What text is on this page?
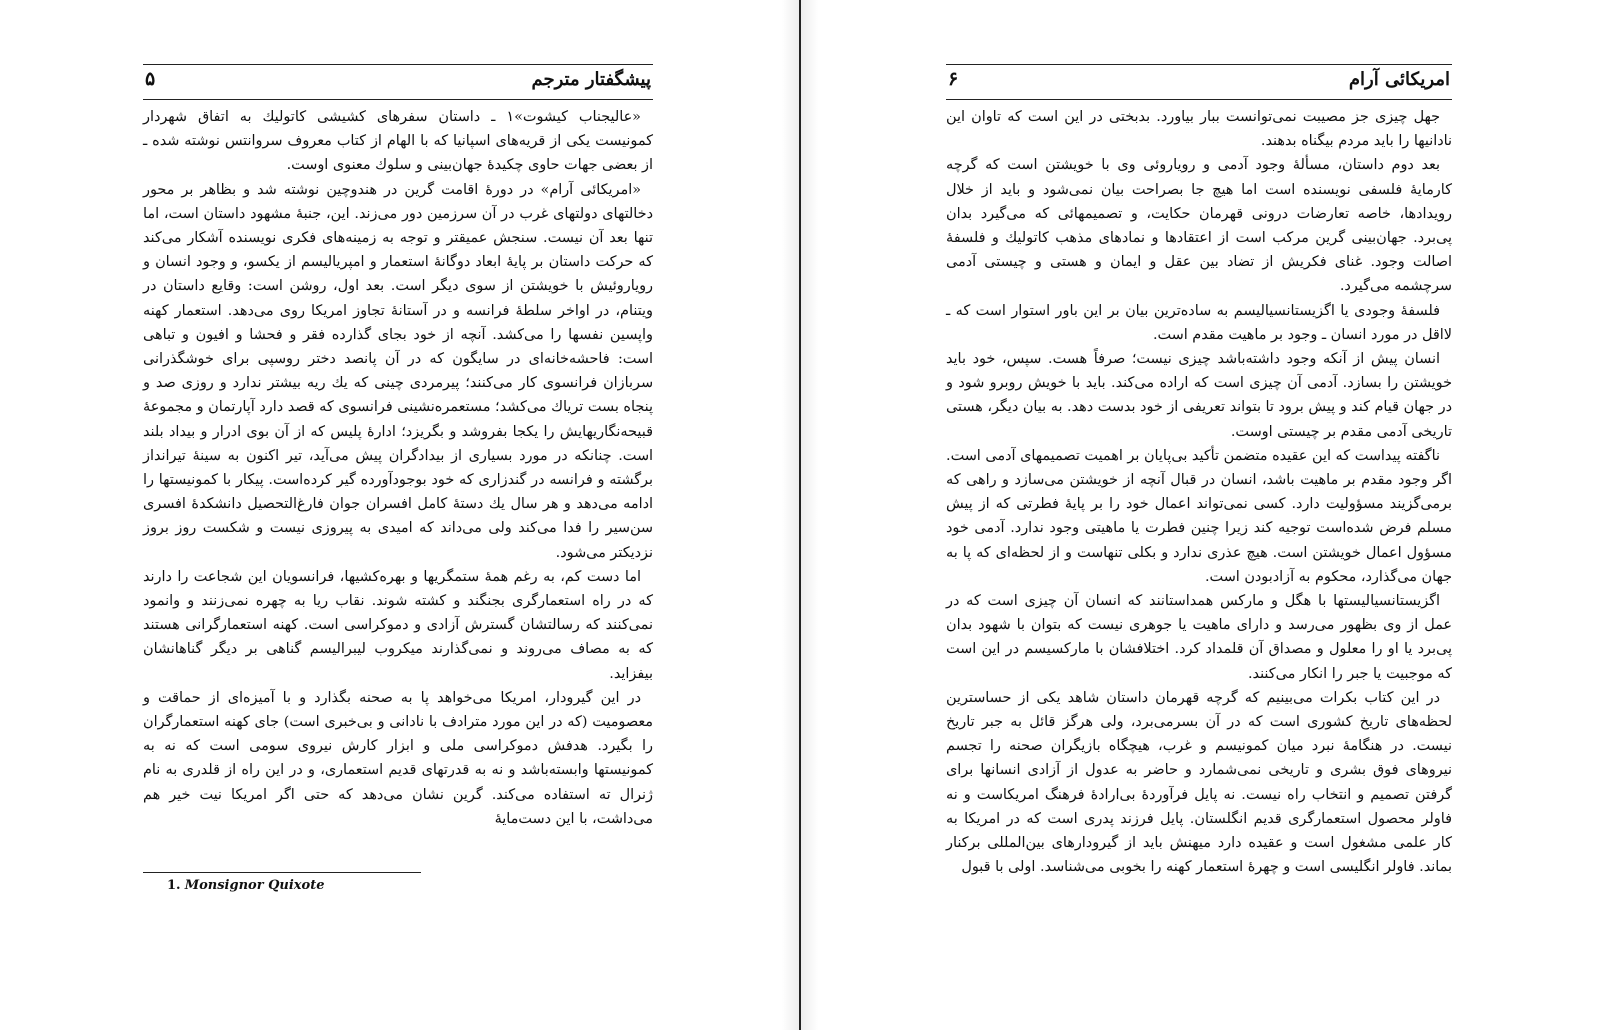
پیشگفتار مترجم
۵

«عالیجناب کیشوت»۱ ـ داستان سفرهای کشیشی کاتولیك به اتفاق شهردار کمونیست یکی از قریه‌های اسپانیا که با الهام از کتاب معروف سروانتس نوشته شده ـ از بعضی جهات حاوی چکیدهٔ جهان‌بینی و سلوك معنوی اوست.

«امریکائی آرام» در دورهٔ اقامت گرین در هندوچین نوشته شد و بظاهر بر محور دخالتهای دولتهای غرب در آن سرزمین دور می‌زند. این، جنبهٔ مشهود داستان است، اما تنها بعد آن نیست. سنجش عمیقتر و توجه به زمینه‌های فکری نویسنده آشکار می‌کند که حرکت داستان بر پایهٔ ابعاد دوگانهٔ استعمار و امپریالیسم از یکسو، و وجود انسان و رویاروئیش با خویشتن از سوی دیگر است. بعد اول، روشن است: وقایع داستان در ویتنام، در اواخر سلطهٔ فرانسه و در آستانهٔ تجاوز امریکا روی می‌دهد. استعمار کهنه واپسین نفسها را می‌کشد. آنچه از خود بجای گذارده فقر و فحشا و افیون و تباهی است: فاحشه‌خانه‌ای در سایگون که در آن پانصد دختر روسپی برای خوشگذرانی سربازان فرانسوی کار می‌کنند؛ پیرمردی چینی که یك ریه بیشتر ندارد و روزی صد و پنجاه بست تریاك می‌کشد؛ مستعمره‌نشینی فرانسوی که قصد دارد آپارتمان و مجموعهٔ قبیحه‌نگاریهایش را یکجا بفروشد و بگریزد؛ ادارهٔ پلیس که از آن بوی ادرار و بیداد بلند است. چنانکه در مورد بسیاری از بیدادگران پیش می‌آید، تیر اکنون به سینهٔ تیرانداز برگشته و فرانسه در گندزاری که خود بوجودآورده گیر کرده‌است. پیکار با کمونیستها را ادامه می‌دهد و هر سال یك دستهٔ کامل افسران جوان فارغ‌التحصیل دانشکدهٔ افسری سن‌سیر را فدا می‌کند ولی می‌داند که امیدی به پیروزی نیست و شکست روز بروز نزدیکتر می‌شود.

اما دست کم، به رغم همهٔ ستمگریها و بهره‌کشیها، فرانسویان این شجاعت را دارند که در راه استعمارگری بجنگند و کشته شوند. نقاب ریا به چهره نمی‌زنند و وانمود نمی‌کنند که رسالتشان گسترش آزادی و دموکراسی است. کهنه استعمارگرانی هستند که به مصاف می‌روند و نمی‌گذارند میکروب لیبرالیسم گناهی بر دیگر گناهانشان بیفزاید.

در این گیرودار، امریکا می‌خواهد پا به صحنه بگذارد و با آمیزه‌ای از حماقت و معصومیت (که در این مورد مترادف با نادانی و بی‌خبری است) جای کهنه استعمارگران را بگیرد. هدفش دموکراسی ملی و ابزار کارش نیروی سومی است که نه به کمونیستها وابسته‌باشد و نه به قدرتهای قدیم استعماری، و در این راه از قلدری به نام ژنرال ته استفاده می‌کند. گرین نشان می‌دهد که حتی اگر امریکا نیت خیر هم می‌داشت، با این دست‌مایهٔ

1. Monsignor Quixote
امریکائی آرام
۶

جهل چیزی جز مصیبت نمی‌توانست ببار بیاورد. بدبختی در این است که تاوان این نادانیها را باید مردم بیگناه بدهند.

بعد دوم داستان، مسألهٔ وجود آدمی و رویاروئی وی با خویشتن است که گرچه کارمایهٔ فلسفی نویسنده است اما هیچ جا بصراحت بیان نمی‌شود و باید از خلال رویدادها، خاصه تعارضات درونی قهرمان حکایت، و تصمیمهائی که می‌گیرد بدان پی‌برد. جهان‌بینی گرین مرکب است از اعتقادها و نمادهای مذهب کاتولیك و فلسفهٔ اصالت وجود. غنای فکریش از تضاد بین عقل و ایمان و هستی و چیستی آدمی سرچشمه می‌گیرد.

فلسفهٔ وجودی یا اگزیستانسیالیسم به ساده‌ترین بیان بر این باور استوار است که ـ لااقل در مورد انسان ـ وجود بر ماهیت مقدم است.

انسان پیش از آنکه وجود داشته‌باشد چیزی نیست؛ صرفاً هست. سپس، خود باید خویشتن را بسازد. آدمی آن چیزی است که اراده می‌کند. باید با خویش روبرو شود و در جهان قیام کند و پیش برود تا بتواند تعریفی از خود بدست دهد. به بیان دیگر، هستی تاریخی آدمی مقدم بر چیستی اوست.

ناگفته پیداست که این عقیده متضمن تأکید بی‌پایان بر اهمیت تصمیمهای آدمی است. اگر وجود مقدم بر ماهیت باشد، انسان در قبال آنچه از خویشتن می‌سازد و راهی که برمی‌گزیند مسؤولیت دارد. کسی نمی‌تواند اعمال خود را بر پایهٔ فطرتی که از پیش مسلم فرض شده‌است توجیه کند زیرا چنین فطرت یا ماهیتی وجود ندارد. آدمی خود مسؤول اعمال خویشتن است. هیچ عذری ندارد و بکلی تنهاست و از لحظه‌ای که پا به جهان می‌گذارد، محکوم به آزادبودن است.

اگزیستانسیالیستها با هگل و مارکس همداستانند که انسان آن چیزی است که در عمل از وی بظهور می‌رسد و دارای ماهیت یا جوهری نیست که بتوان با شهود بدان پی‌برد یا او را معلول و مصداق آن قلمداد کرد. اختلافشان با مارکسیسم در این است که موجبیت یا جبر را انکار می‌کنند.

در این کتاب بکرات می‌بینیم که گرچه قهرمان داستان شاهد یکی از حساسترین لحظه‌های تاریخ کشوری است که در آن بسرمی‌برد، ولی هرگز قائل به جبر تاریخ نیست. در هنگامهٔ نبرد میان کمونیسم و غرب، هیچگاه بازیگران صحنه را تجسم نیروهای فوق بشری و تاریخی نمی‌شمارد و حاضر به عدول از آزادی انسانها برای گرفتن تصمیم و انتخاب راه نیست. نه پایل فرآوردهٔ بی‌ارادهٔ فرهنگ امریکاست و نه فاولر محصول استعمارگری قدیم انگلستان. پایل فرزند پدری است که در امریکا به کار علمی مشغول است و عقیده دارد میهنش باید از گیرودارهای بین‌المللی برکنار بماند. فاولر انگلیسی است و چهرهٔ استعمار کهنه را بخوبی می‌شناسد. اولی با قبول
